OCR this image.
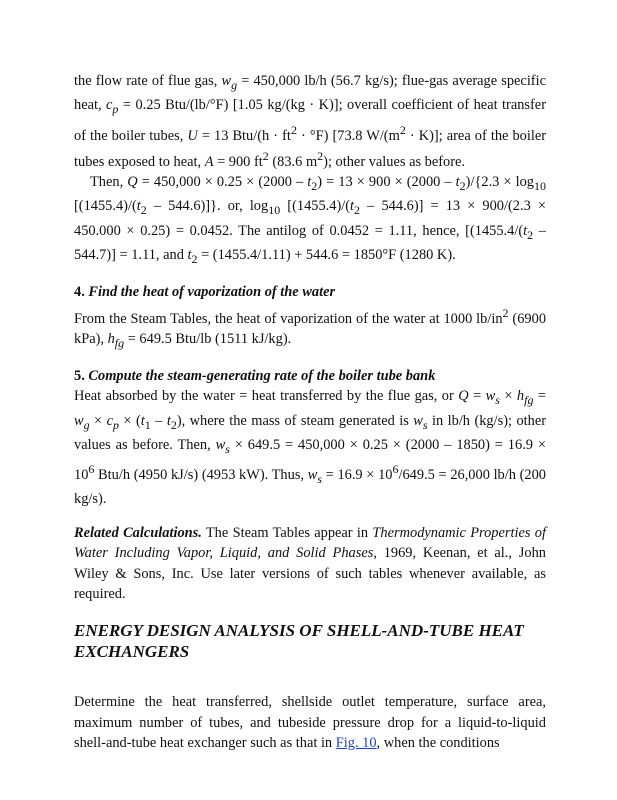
the flow rate of flue gas, $w_g = 450,000$ lb/h (56.7 kg/s); flue-gas average specific heat, $c_p = 0.25$ Btu/(lb/°F) [1.05 kg/(kg · K)]; overall coefficient of heat transfer of the boiler tubes, U = 13 $Btu/(h \cdot ft^2 \cdot ^\circ F)$ [73.8 $W/(m^2 \cdot K)$]; area of the boiler tubes exposed to heat, A = 900 $ft^2$ (83.6 $m^2$); other values as before.

Then, $Q = 450,000 \times 0.25 \times (2000 - t_2) = 13 \times 900 \times (2000 - t_2)/\{2.3 \times \log_{10} [(1455.4)/(t_2 - 544.6)]\}$. or, $\log_{10} [(1455.4)/(t_2 - 544.6)] = 13 \times 900/(2.3 \times 450.000 \times 0.25) = 0.0452$. The antilog of 0.0452 = 1.11, hence, [$(1455.4/(t_2 - 544.7)] = 1.11$, and $t_2 = (1455.4/1.11) + 544.6 = 1850^\circ F$ (1280 K).

4. Find the heat of vaporization of the water

From the Steam Tables, the heat of vaporization of the water at 1000 $lb/in^2$ (6900 kPa), $h_{fg} = 649.5$ Btu/lb (1511 kJ/kg).

5. Compute the steam-generating rate of the boiler tube bank

Heat absorbed by the water = heat transferred by the flue gas, or $Q = w_s \times h_{fg} = w_g \times c_p \times (t_1 - t_2)$, where the mass of steam generated is $w_s$ in lb/h (kg/s); other values as before. Then, $w_s \times 649.5 = 450,000 \times 0.25 \times (2000 - 1850) = 16.9 \times 10^6$ Btu/h (4950 kJ/s) (4953 kW). Thus, $w_s = 16.9 \times 10^6/649.5 = 26,000$ lb/h (200 kg/s).

Related Calculations. The Steam Tables appear in Thermodynamic Properties of Water Including Vapor, Liquid, and Solid Phases, 1969, Keenan, et al., John Wiley & Sons, Inc. Use later versions of such tables whenever available, as required.

ENERGY DESIGN ANALYSIS OF SHELL-AND-TUBE HEAT EXCHANGERS

Determine the heat transferred, shellside outlet temperature, surface area, maximum number of tubes, and tubeside pressure drop for a liquid-to-liquid shell-and-tube heat exchanger such as that in Fig. 10, when the conditions
